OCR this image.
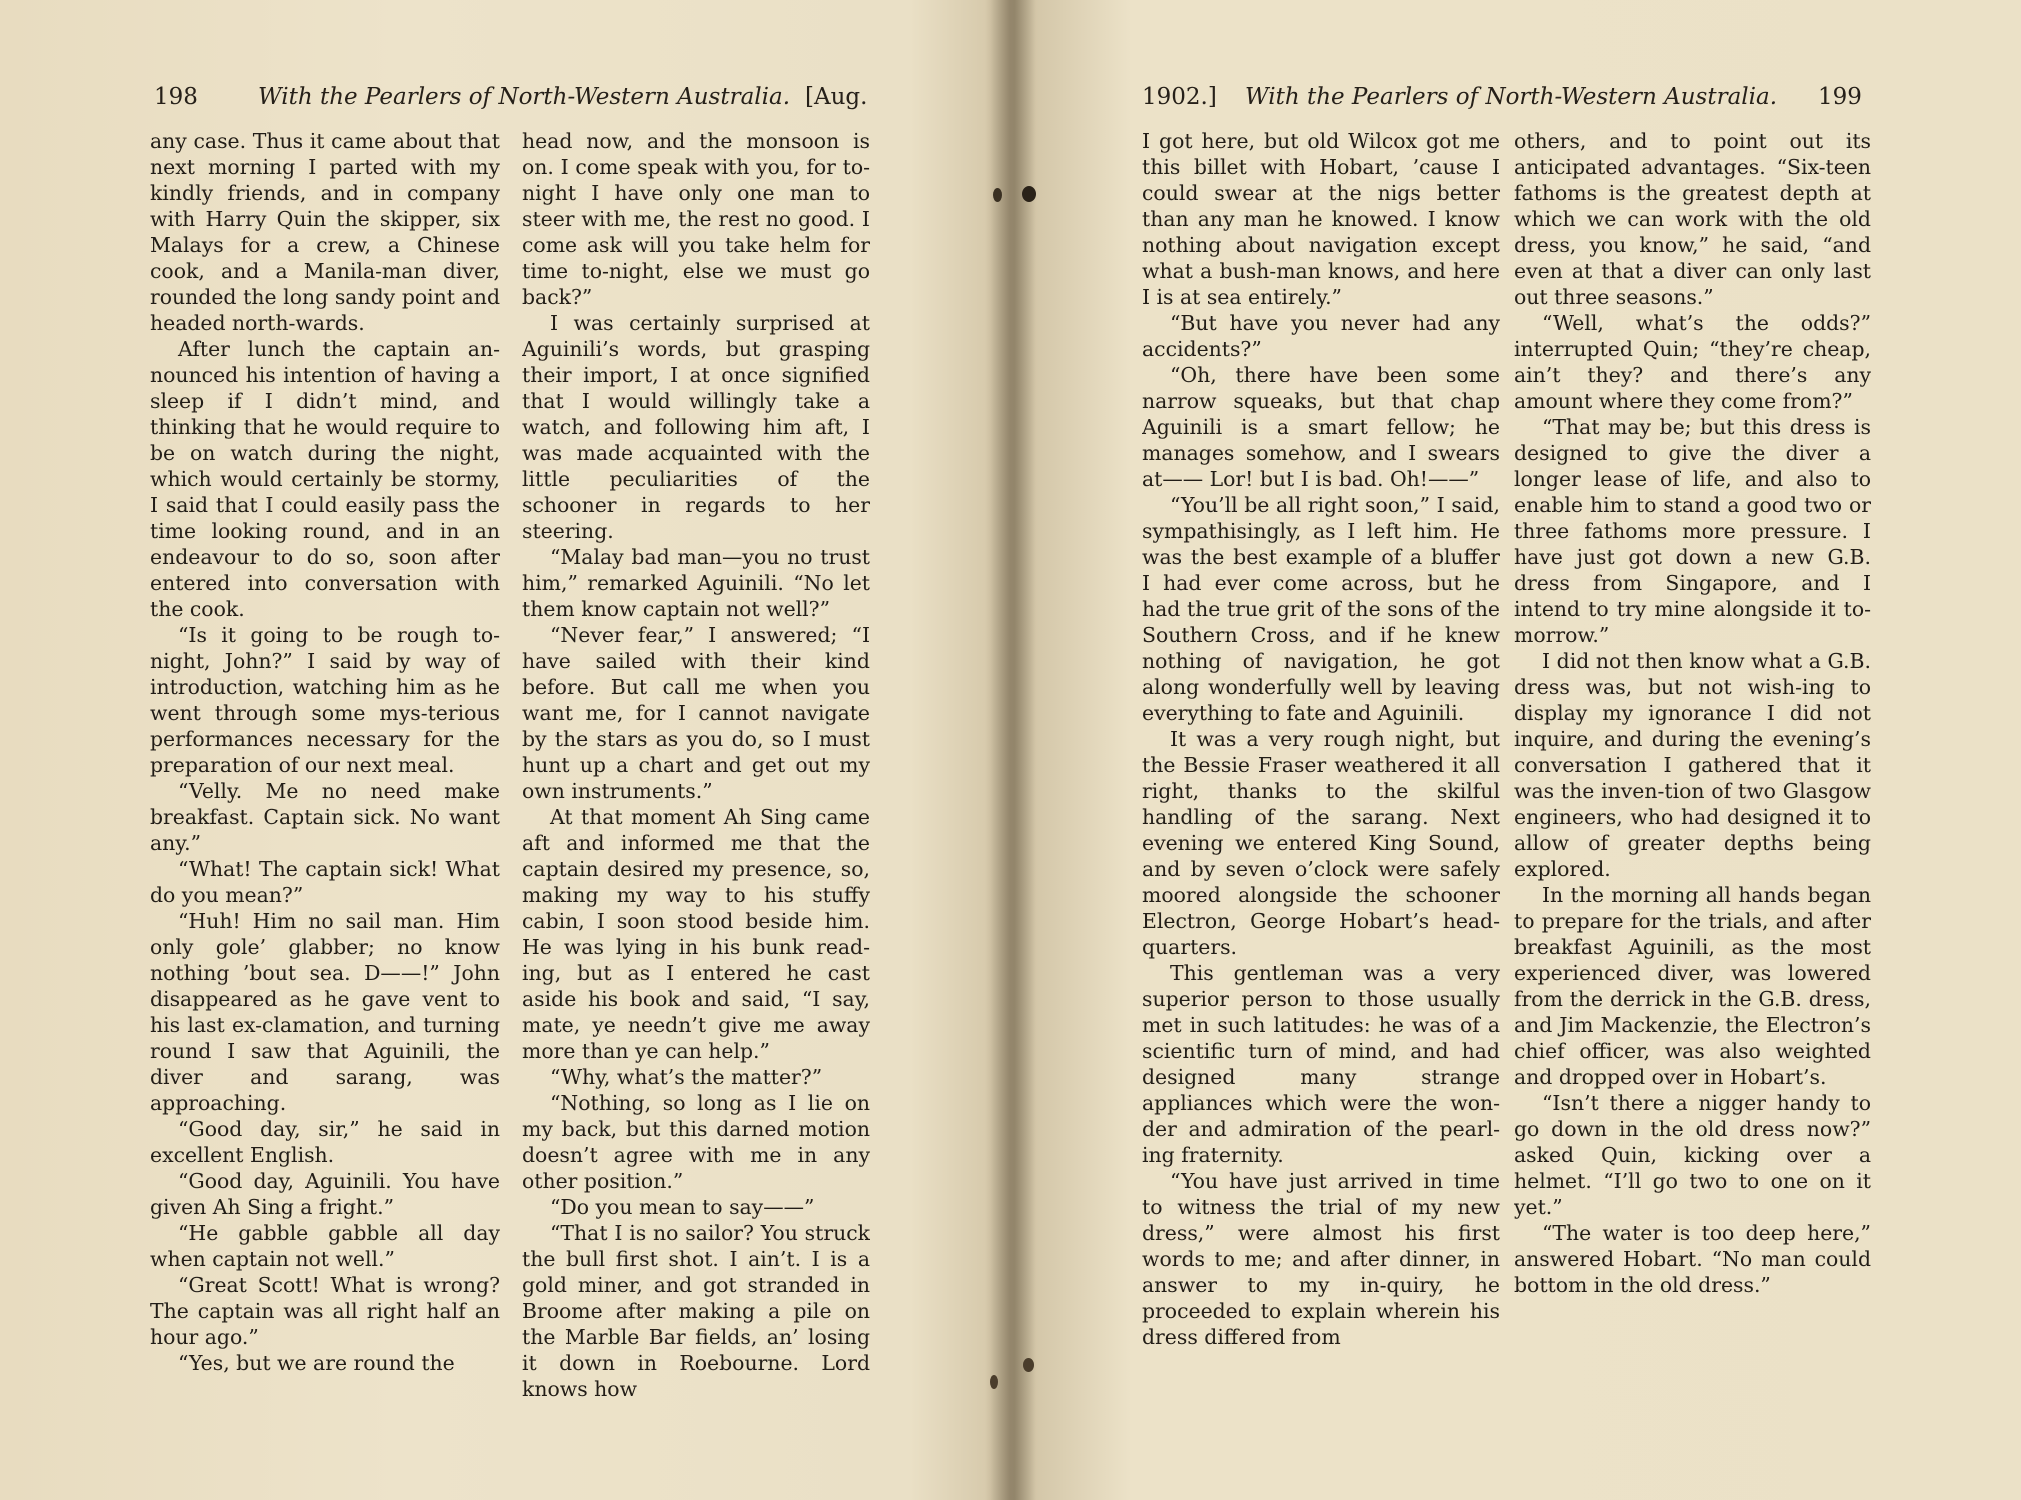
198	With the Pearlers of North-Western Australia. [Aug.

any case. Thus it came about that next morning I parted with my kindly friends, and in company with Harry Quin the skipper, six Malays for a crew, a Chinese cook, and a Manila-man diver, rounded the long sandy point and headed north-wards.

After lunch the captain an-nounced his intention of having a sleep if I didn’t mind, and thinking that he would require to be on watch during the night, which would certainly be stormy, I said that I could easily pass the time looking round, and in an endeavour to do so, soon after entered into conversation with the cook.

“Is it going to be rough to-night, John?” I said by way of introduction, watching him as he went through some mys-terious performances necessary for the preparation of our next meal.

“Velly. Me no need make breakfast. Captain sick. No want any.”

“What! The captain sick! What do you mean?”

“Huh! Him no sail man. Him only gole’ glabber; no know nothing ’bout sea. D——!” John disappeared as he gave vent to his last ex-clamation, and turning round I saw that Aguinili, the diver and sarang, was approaching.

“Good day, sir,” he said in excellent English.

“Good day, Aguinili. You have given Ah Sing a fright.”

“He gabble gabble all day when captain not well.”

“Great Scott! What is wrong? The captain was all right half an hour ago.”

“Yes, but we are round the

head now, and the monsoon is on. I come speak with you, for to-night I have only one man to steer with me, the rest no good. I come ask will you take helm for time to-night, else we must go back?”

I was certainly surprised at Aguinili’s words, but grasping their import, I at once signified that I would willingly take a watch, and following him aft, I was made acquainted with the little peculiarities of the schooner in regards to her steering.

“Malay bad man—you no trust him,” remarked Aguinili. “No let them know captain not well?”

“Never fear,” I answered; “I have sailed with their kind before. But call me when you want me, for I cannot navigate by the stars as you do, so I must hunt up a chart and get out my own instruments.”

At that moment Ah Sing came aft and informed me that the captain desired my presence, so, making my way to his stuffy cabin, I soon stood beside him. He was lying in his bunk read-ing, but as I entered he cast aside his book and said, “I say, mate, ye needn’t give me away more than ye can help.”

“Why, what’s the matter?”

“Nothing, so long as I lie on my back, but this darned motion doesn’t agree with me in any other position.”

“Do you mean to say——”

“That I is no sailor? You struck the bull first shot. I ain’t. I is a gold miner, and got stranded in Broome after making a pile on the Marble Bar fields, an’ losing it down in Roebourne. Lord knows how

1902.] With the Pearlers of North-Western Australia. 199

I got here, but old Wilcox got me this billet with Hobart, ’cause I could swear at the nigs better than any man he knowed. I know nothing about navigation except what a bush-man knows, and here I is at sea entirely.”

“But have you never had any accidents?”

“Oh, there have been some narrow squeaks, but that chap Aguinili is a smart fellow; he manages somehow, and I swears at—— Lor! but I is bad. Oh!——”

“You’ll be all right soon,” I said, sympathisingly, as I left him. He was the best example of a bluffer I had ever come across, but he had the true grit of the sons of the Southern Cross, and if he knew nothing of navigation, he got along wonderfully well by leaving everything to fate and Aguinili.

It was a very rough night, but the Bessie Fraser weathered it all right, thanks to the skilful handling of the sarang. Next evening we entered King Sound, and by seven o’clock were safely moored alongside the schooner Electron, George Hobart’s head-quarters.

This gentleman was a very superior person to those usually met in such latitudes: he was of a scientific turn of mind, and had designed many strange appliances which were the won-der and admiration of the pearl-ing fraternity.

“You have just arrived in time to witness the trial of my new dress,” were almost his first words to me; and after dinner, in answer to my in-quiry, he proceeded to explain wherein his dress differed from

others, and to point out its anticipated advantages. “Six-teen fathoms is the greatest depth at which we can work with the old dress, you know,” he said, “and even at that a diver can only last out three seasons.”

“Well, what’s the odds?” interrupted Quin; “they’re cheap, ain’t they? and there’s any amount where they come from?”

“That may be; but this dress is designed to give the diver a longer lease of life, and also to enable him to stand a good two or three fathoms more pressure. I have just got down a new G.B. dress from Singapore, and I intend to try mine alongside it to-morrow.”

I did not then know what a G.B. dress was, but not wish-ing to display my ignorance I did not inquire, and during the evening’s conversation I gathered that it was the inven-tion of two Glasgow engineers, who had designed it to allow of greater depths being explored.

In the morning all hands began to prepare for the trials, and after breakfast Aguinili, as the most experienced diver, was lowered from the derrick in the G.B. dress, and Jim Mackenzie, the Electron’s chief officer, was also weighted and dropped over in Hobart’s.

“Isn’t there a nigger handy to go down in the old dress now?” asked Quin, kicking over a helmet. “I’ll go two to one on it yet.”

“The water is too deep here,” answered Hobart. “No man could bottom in the old dress.”
